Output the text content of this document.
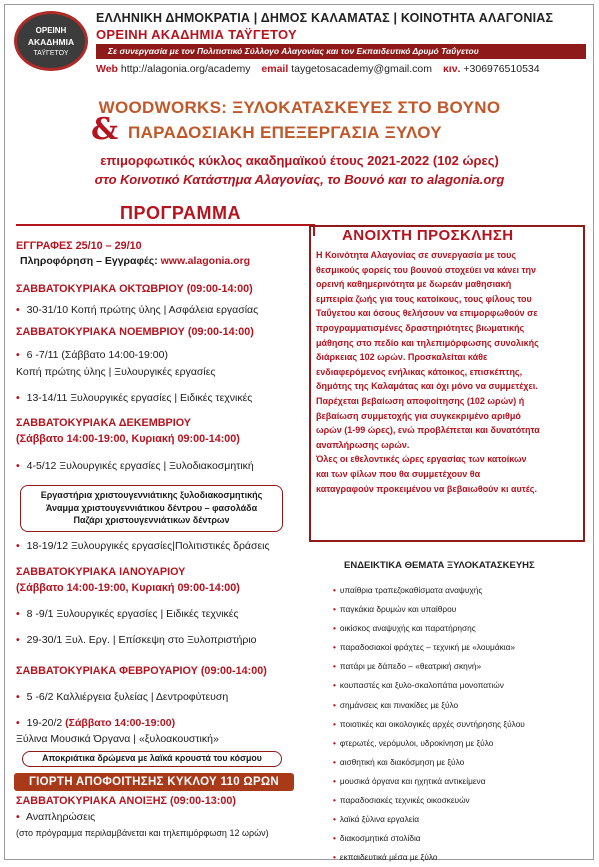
ΟΡΕΙΝΗ
ΑΚΑΔΗΜΙΑ
ΤΑΫΓΕΤΟΥ
ΕΛΛΗΝΙΚΗ ΔΗΜΟΚΡΑΤΙΑ | ΔΗΜΟΣ ΚΑΛΑΜΑΤΑΣ | ΚΟΙΝΟΤΗΤΑ ΑΛΑΓΟΝΙΑΣ
ΟΡΕΙΝΗ ΑΚΑΔΗΜΙΑ ΤΑΫΓΕΤΟΥ
Σε συνεργασία με τον Πολιτιστικό Σύλλογο Αλαγονίας και τον Εκπαιδευτικό Δρυμό Ταΰγετου
Web http://alagonia.org/academy email taygetosacademy@gmail.com κιν. +306976510534
WOODWORKS: ΞΥΛΟΚΑΤΑΣΚΕΥΕΣ ΣΤΟ ΒΟΥΝΟ
& ΠΑΡΑΔΟΣΙΑΚΗ ΕΠΕΞΕΡΓΑΣΙΑ ΞΥΛΟΥ
επιμορφωτικός κύκλος ακαδημαϊκού έτους 2021-2022 (102 ώρες)
στο Κοινοτικό Κατάστημα Αλαγονίας, το Βουνό και το alagonia.org
ΠΡΟΓΡΑΜΜΑ
ΕΓΓΡΑΦΕΣ 25/10 – 29/10
Πληροφόρηση – Εγγραφές: www.alagonia.org
ΣΑΒΒΑΤΟΚΥΡΙΑΚΑ ΟΚΤΩΒΡΙΟΥ (09:00-14:00)
• 30-31/10 Κοπή πρώτης ύλης | Ασφάλεια εργασίας
ΣΑΒΒΑΤΟΚΥΡΙΑΚΑ ΝΟΕΜΒΡΙΟΥ (09:00-14:00)
• 6 -7/11 (Σάββατο 14:00-19:00)
Κοπή πρώτης ύλης | Ξυλουργικές εργασίες
• 13-14/11 Ξυλουργικές εργασίες | Ειδικές τεχνικές
ΣΑΒΒΑΤΟΚΥΡΙΑΚΑ ΔΕΚΕΜΒΡΙΟΥ
(Σάββατο 14:00-19:00, Κυριακή 09:00-14:00)
• 4-5/12 Ξυλουργικές εργασίες | Ξυλοδιακοσμητική
Εργαστήρια χριστουγεννιάτικης ξυλοδιακοσμητικής
Άναμμα χριστουγεννιάτικου δέντρου – φασολάδα
Παζάρι χριστουγεννιάτικων δέντρων
• 18-19/12 Ξυλουργικές εργασίες|Πολιτιστικές δράσεις
ΣΑΒΒΑΤΟΚΥΡΙΑΚΑ ΙΑΝΟΥΑΡΙΟΥ
(Σάββατο 14:00-19:00, Κυριακή 09:00-14:00)
• 8 -9/1 Ξυλουργικές εργασίες | Ειδικές τεχνικές
• 29-30/1 Ξυλ. Εργ. | Επίσκεψη στο Ξυλοπριστήριο
ΣΑΒΒΑΤΟΚΥΡΙΑΚΑ ΦΕΒΡΟΥΑΡΙΟΥ (09:00-14:00)
• 5 -6/2 Καλλιέργεια ξυλείας | Δεντροφύτευση
• 19-20/2 (Σάββατο 14:00-19:00)
Ξύλινα Μουσικά Όργανα | «ξυλοακουστική»
Αποκριάτικα δρώμενα με λαϊκά κρουστά του κόσμου
ΓΙΟΡΤΗ ΑΠΟΦΟΙΤΗΣΗΣ ΚΥΚΛΟΥ 110 ΩΡΩΝ
ΣΑΒΒΑΤΟΚΥΡΙΑΚΑ ΑΝΟΙΞΗΣ (09:00-13:00)
• Αναπληρώσεις
(στο πρόγραμμα περιλαμβάνεται και τηλεπιμόρφωση 12 ωρών)
ΑΝΟΙΧΤΗ ΠΡΟΣΚΛΗΣΗ
Η Κοινότητα Αλαγονίας σε συνεργασία με τους
θεσμικούς φορείς του βουνού στοχεύει να κάνει την
ορεινή καθημερινότητα με δωρεάν μαθησιακή
εμπειρία ζωής για τους κατοίκους, τους φίλους του
Ταΰγετου και όσους θελήσουν να επιμορφωθούν σε
προγραμματισμένες δραστηριότητες βιωματικής
μάθησης στο πεδίο και τηλεπιμόρφωσης συνολικής
διάρκειας 102 ωρών. Προσκαλείται κάθε
ενδιαφερόμενος ενήλικας κάτοικος, επισκέπτης,
δημότης της Καλαμάτας και όχι μόνο να συμμετέχει.
Παρέχεται βεβαίωση αποφοίτησης (102 ωρών) ή
βεβαίωση συμμετοχής για συγκεκριμένο αριθμό
ωρών (1-99 ώρες), ενώ προβλέπεται και δυνατότητα
αναπλήρωσης ωρών.
Όλες οι εθελοντικές ώρες εργασίας των κατοίκων
και των φίλων που θα συμμετέχουν θα
καταγραφούν προκειμένου να βεβαιωθούν κι αυτές.
ΕΝΔΕΙΚΤΙΚΑ ΘΕΜΑΤΑ ΞΥΛΟΚΑΤΑΣΚΕΥΗΣ
• υπαίθρια τραπεζοκαθίσματα αναψυχής
• παγκάκια δρυμών και υπαίθρου
• οικίσκος αναψυχής και παρατήρησης
• παραδοσιακοί φράχτες – τεχνική με «λουμάκια»
• πατάρι με δάπεδο – «θεατρική σκηνή»
• κουπαστές και ξυλο-σκαλοπάτια μονοπατιών
• σημάνσεις και πινακίδες με ξύλο
• ποιοτικές και οικολογικές αρχές συντήρησης ξύλου
• φτερωτές, νερόμυλοι, υδροκίνηση με ξύλο
• αισθητική και διακόσμηση με ξύλο
• μουσικά όργανα και ηχητικά αντικείμενα
• παραδοσιακές τεχνικές οικοσκευών
• λαϊκά ξύλινα εργαλεία
• διακοσμητικά στολίδια
• εκπαιδευτικά μέσα με ξύλο
